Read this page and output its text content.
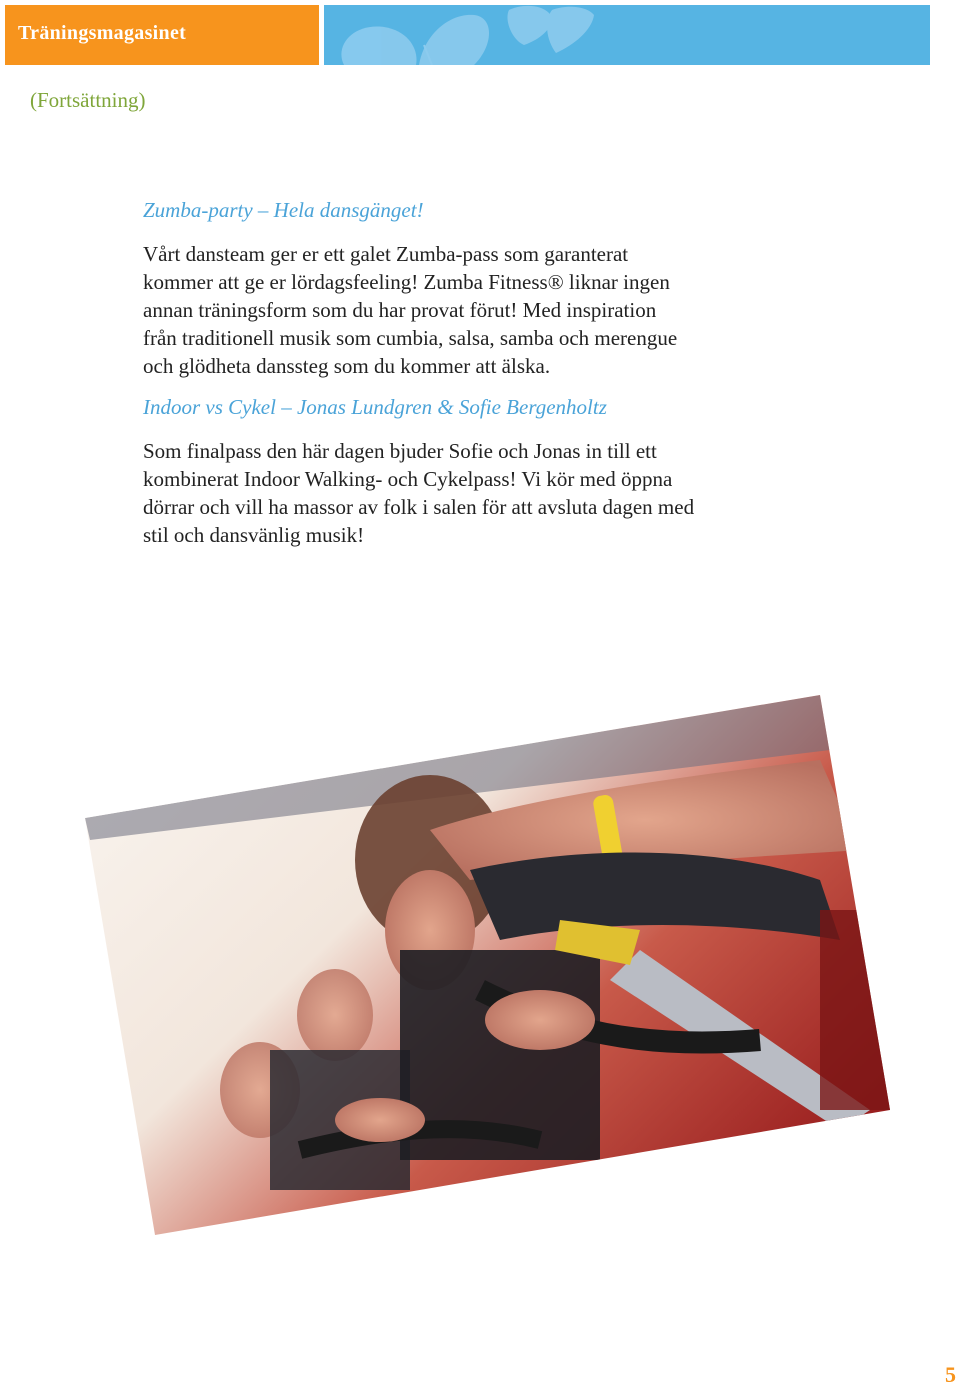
Träningsmagasinet
(Fortsättning)
Zumba-party – Hela dansgänget!
Vårt dansteam ger er ett galet Zumba-pass som garanterat
kommer att ge er lördagsfeeling! Zumba Fitness® liknar ingen
annan träningsform som du har provat förut! Med inspiration
från traditionell musik som cumbia, salsa, samba och merengue
och glödheta danssteg som du kommer att älska.
Indoor vs Cykel – Jonas Lundgren & Sofie Bergenholtz
Som finalpass den här dagen bjuder Sofie och Jonas in till ett
kombinerat Indoor Walking- och Cykelpass! Vi kör med öppna
dörrar och vill ha massor av folk i salen för att avsluta dagen med
stil och dansvänlig musik!
5
